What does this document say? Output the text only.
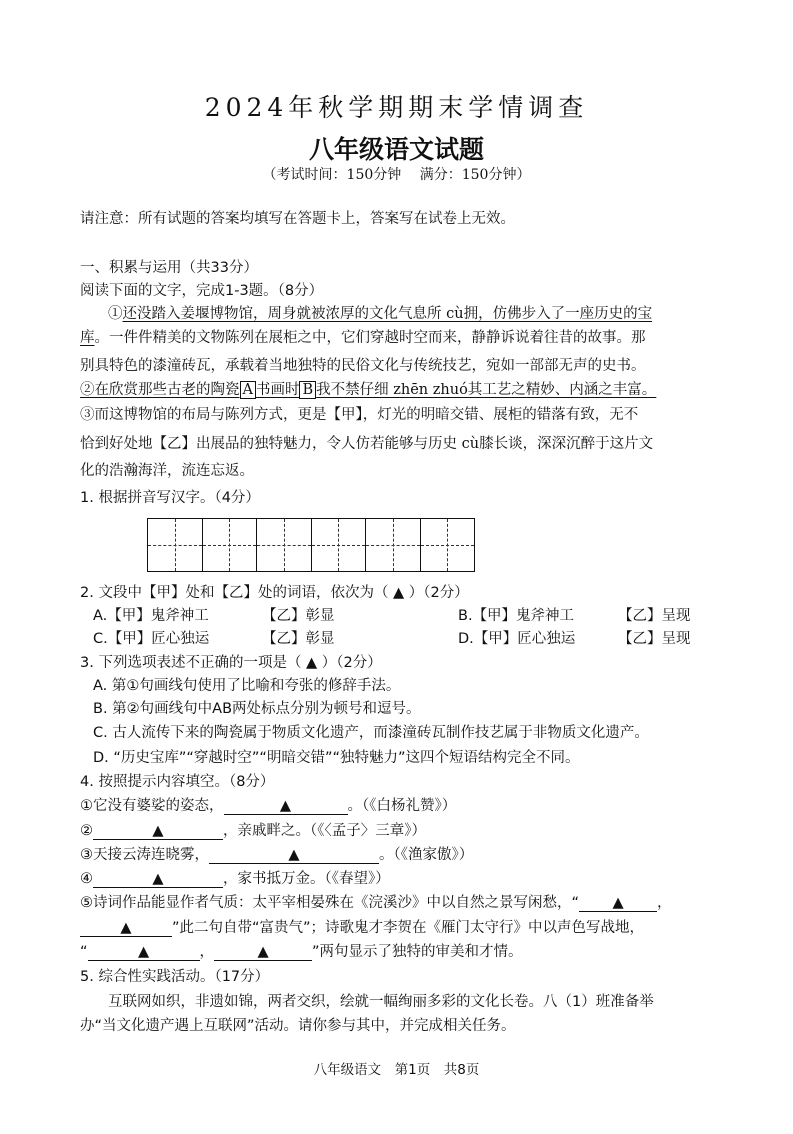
2024年秋学期期末学情调查
八年级语文试题
（考试时间：150分钟　 满分：150分钟）
请注意：所有试题的答案均填写在答题卡上，答案写在试卷上无效。
一、积累与运用（共33分）
阅读下面的文字，完成1-3题。（8分）
①还没踏入姜堰博物馆，周身就被浓厚的文化气息所 cù拥，仿佛步入了一座历史的宝
库。一件件精美的文物陈列在展柜之中，它们穿越时空而来，静静诉说着往昔的故事。那
别具特色的漆潼砖瓦，承载着当地独特的民俗文化与传统技艺，宛如一部部无声的史书。
②在欣赏那些古老的陶瓷 A 书画时 B 我不禁仔细 zhēn zhuó其工艺之精妙、内涵之丰富。
③而这博物馆的布局与陈列方式，更是【甲】，灯光的明暗交错、展柜的错落有致，无不
恰到好处地【乙】出展品的独特魅力，令人仿若能够与历史 cù膝长谈，深深沉醉于这片文
化的浩瀚海洋，流连忘返。
1. 根据拼音写汉字。（4分）
2. 文段中【甲】处和【乙】处的词语，依次为（ ▲ ）（2分）
A.【甲】鬼斧神工	【乙】彰显	B.【甲】鬼斧神工	【乙】呈现
C.【甲】匠心独运	【乙】彰显	D.【甲】匠心独运	【乙】呈现
3. 下列选项表述不正确的一项是（ ▲ ）（2分）
A. 第①句画线句使用了比喻和夸张的修辞手法。
B. 第②句画线句中AB两处标点分别为顿号和逗号。
C. 古人流传下来的陶瓷属于物质文化遗产，而漆潼砖瓦制作技艺属于非物质文化遗产。
D. “历史宝库”“穿越时空”“明暗交错”“独特魅力”这四个短语结构完全不同。
4. 按照提示内容填空。（8分）
①它没有婆娑的姿态，	▲	。（《白杨礼赞》）
②	▲	，亲戚畔之。（《〈孟子〉三章》）
③天接云涛连晓雾，	▲	。（《渔家傲》）
④	▲	，家书抵万金。（《春望》）
⑤诗词作品能显作者气质：太平宰相晏殊在《浣溪沙》中以自然之景写闲愁，“ ▲ ，
▲	”此二句自带“富贵气”；诗歌鬼才李贺在《雁门太守行》中以声色写战地，
“	▲	，	▲	”两句显示了独特的审美和才情。
5. 综合性实践活动。（17分）
互联网如织，非遗如锦，两者交织，绘就一幅绚丽多彩的文化长卷。八（1）班准备举
办“当文化遗产遇上互联网”活动。请你参与其中，并完成相关任务。
八年级语文　第1页　共8页
